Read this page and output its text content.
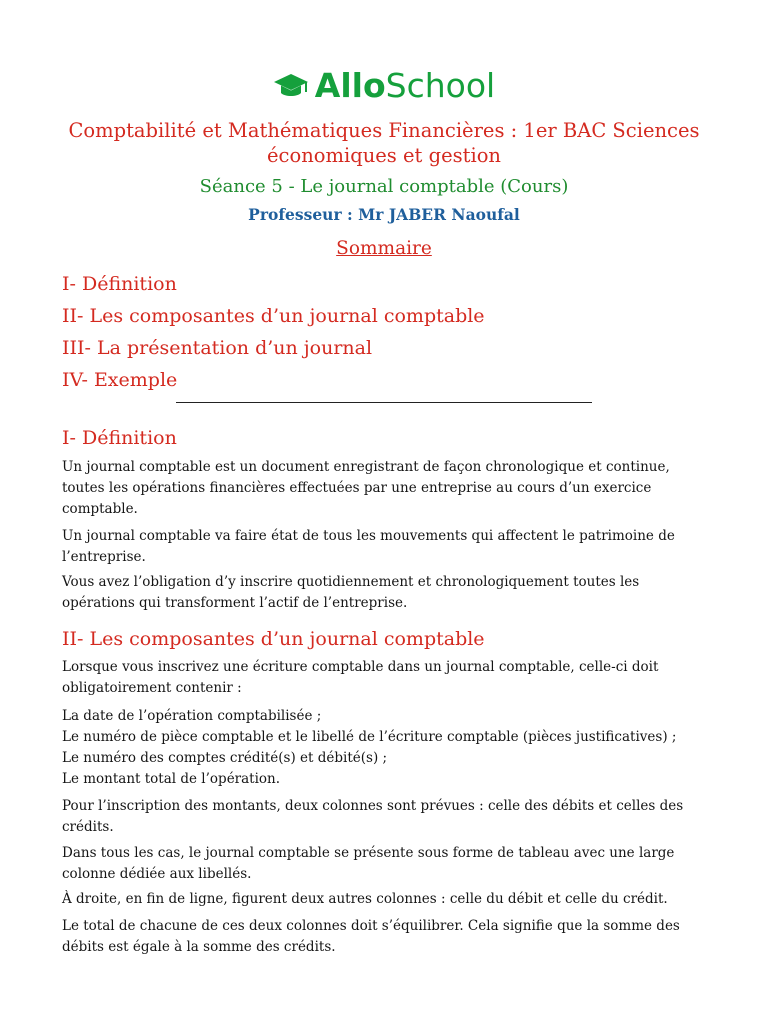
Allo School
Comptabilité et Mathématiques Financières : 1er BAC Sciences
économiques et gestion
Séance 5 - Le journal comptable (Cours)
Professeur : Mr JABER Naoufal
Sommaire
I- Définition
II- Les composantes d’un journal comptable
III- La présentation d’un journal
IV- Exemple
I- Définition

Un journal comptable est un document enregistrant de façon chronologique et continue, toutes les opérations financières effectuées par une entreprise au cours d’un exercice comptable.

Un journal comptable va faire état de tous les mouvements qui affectent le patrimoine de l’entreprise.

Vous avez l’obligation d’y inscrire quotidiennement et chronologiquement toutes les opérations qui transforment l’actif de l’entreprise.

II- Les composantes d’un journal comptable

Lorsque vous inscrivez une écriture comptable dans un journal comptable, celle-ci doit obligatoirement contenir :

La date de l’opération comptabilisée ;
Le numéro de pièce comptable et le libellé de l’écriture comptable (pièces justificatives) ;
Le numéro des comptes crédité(s) et débité(s) ;
Le montant total de l’opération.

Pour l’inscription des montants, deux colonnes sont prévues : celle des débits et celles des crédits.

Dans tous les cas, le journal comptable se présente sous forme de tableau avec une large colonne dédiée aux libellés.

À droite, en fin de ligne, figurent deux autres colonnes : celle du débit et celle du crédit.

Le total de chacune de ces deux colonnes doit s’équilibrer. Cela signifie que la somme des débits est égale à la somme des crédits.
